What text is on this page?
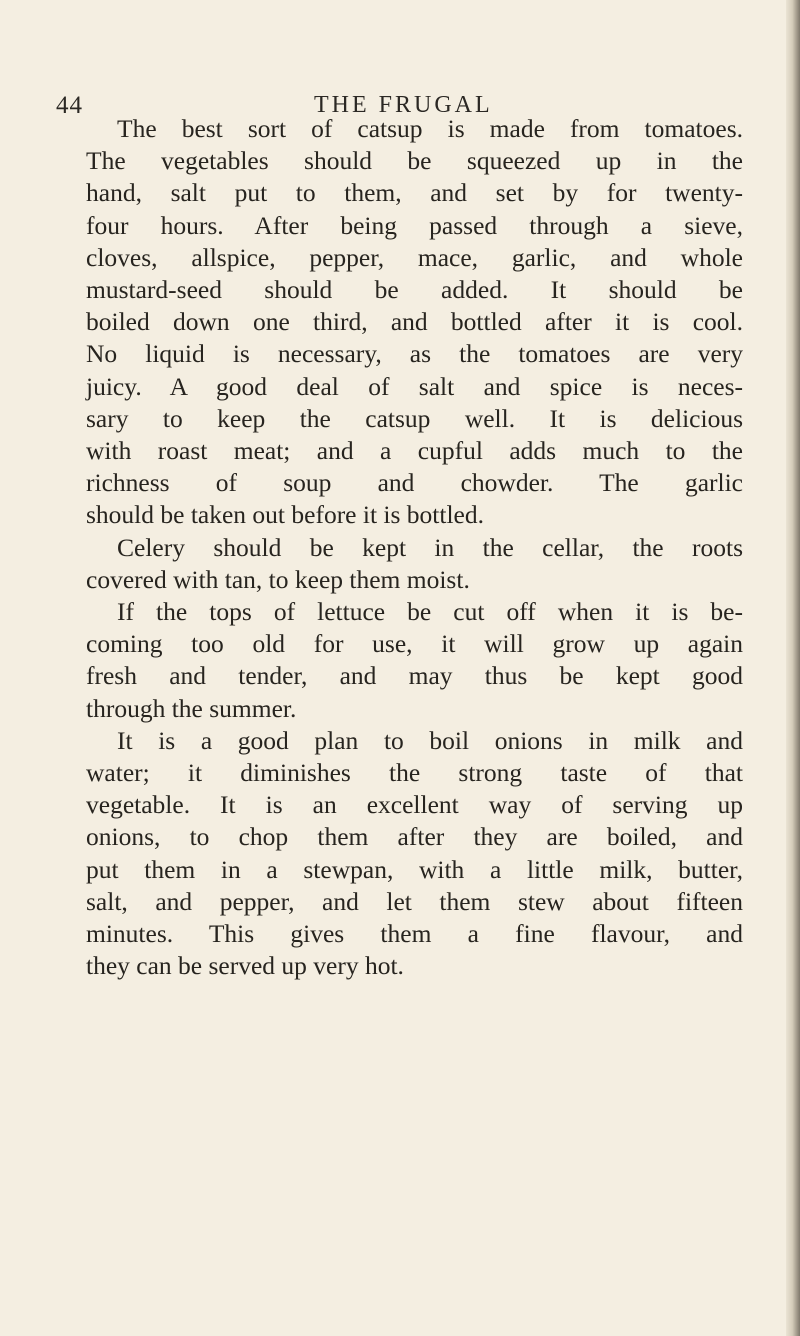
44	THE FRUGAL

The best sort of catsup is made from tomatoes.
The vegetables should be squeezed up in the
hand, salt put to them, and set by for twenty-
four hours. After being passed through a sieve,
cloves, allspice, pepper, mace, garlic, and whole
mustard-seed should be added. It should be
boiled down one third, and bottled after it is cool.
No liquid is necessary, as the tomatoes are very
juicy. A good deal of salt and spice is neces-
sary to keep the catsup well. It is delicious
with roast meat; and a cupful adds much to the
richness of soup and chowder. The garlic
should be taken out before it is bottled.

Celery should be kept in the cellar, the roots
covered with tan, to keep them moist.

If the tops of lettuce be cut off when it is be-
coming too old for use, it will grow up again
fresh and tender, and may thus be kept good
through the summer.

It is a good plan to boil onions in milk and
water; it diminishes the strong taste of that
vegetable. It is an excellent way of serving up
onions, to chop them after they are boiled, and
put them in a stewpan, with a little milk, butter,
salt, and pepper, and let them stew about fifteen
minutes. This gives them a fine flavour, and
they can be served up very hot.
